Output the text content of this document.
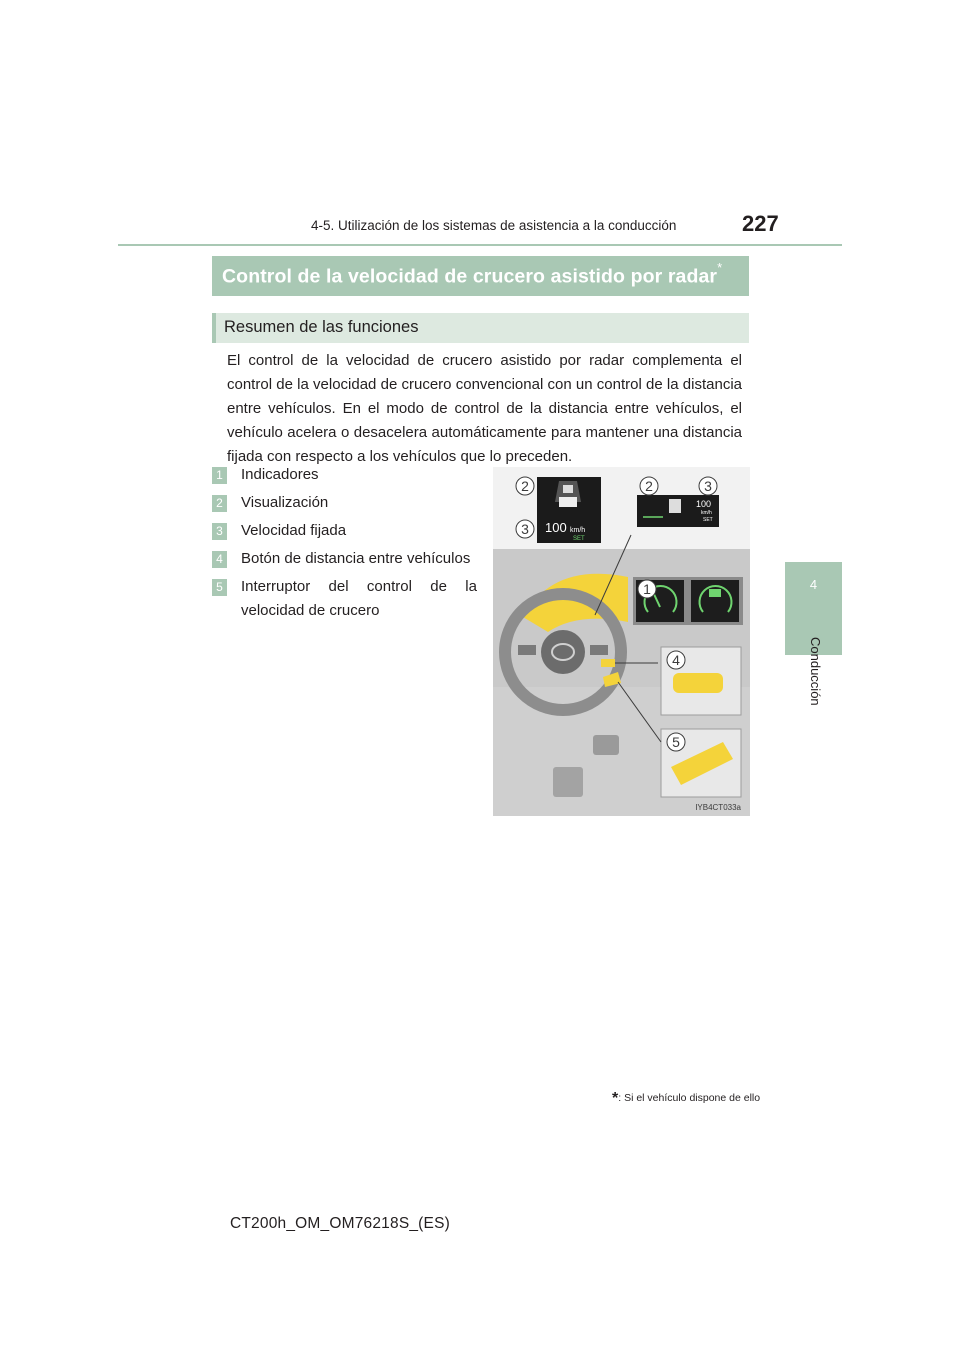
4-5. Utilización de los sistemas de asistencia a la conducción	227
4
Conducción
Control de la velocidad de crucero asistido por radar*
Resumen de las funciones
El control de la velocidad de crucero asistido por radar complementa el control de la velocidad de crucero convencional con un control de la distancia entre vehículos. En el modo de control de la distancia entre vehículos, el vehículo acelera o desacelera automáticamente para mantener una distancia fijada con respecto a los vehículos que lo preceden.
1 Indicadores
2 Visualización
3 Velocidad fijada
4 Botón de distancia entre vehículos
5 Interruptor del control de la velocidad de crucero
100 km/h
SET
100
km/h
SET
2	2	3
3
1
4
5
IYB4CT033a
*: Si el vehículo dispone de ello
CT200h_OM_OM76218S_(ES)
